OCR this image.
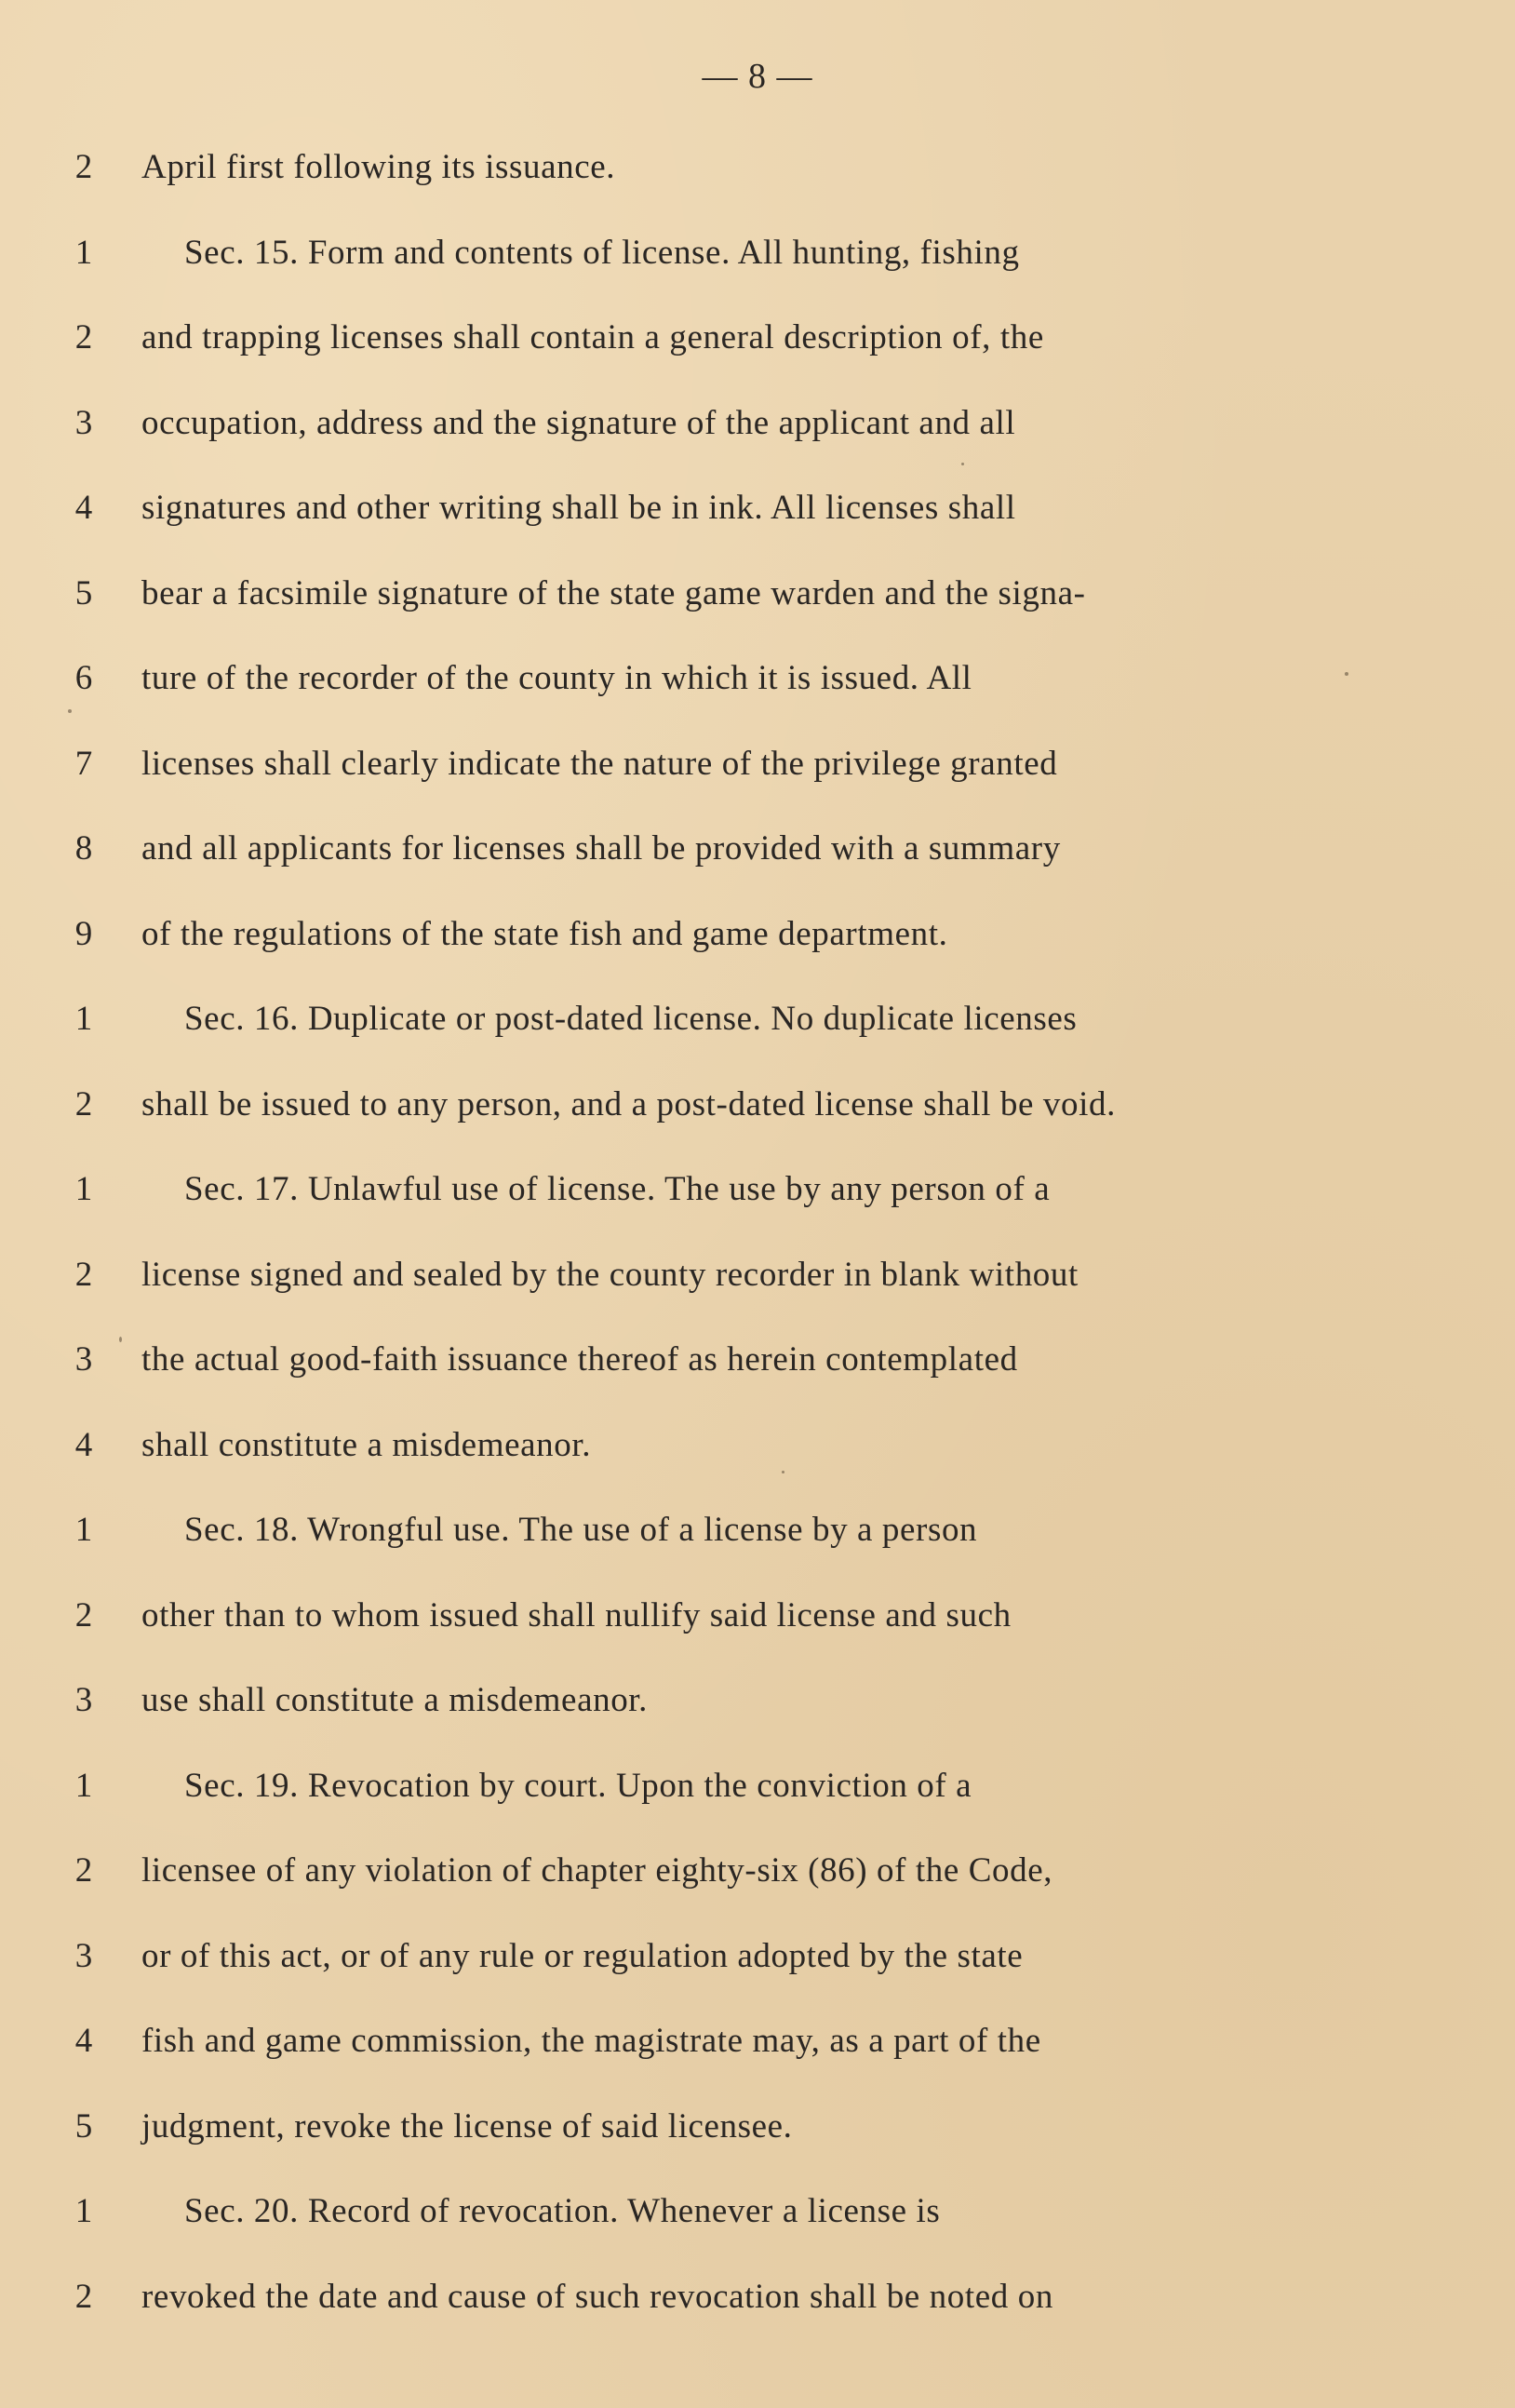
— 8 —
2	April first following its issuance.
1	Sec. 15. Form and contents of license. All hunting, fishing
2	and trapping licenses shall contain a general description of, the
3	occupation, address and the signature of the applicant and all
4	signatures and other writing shall be in ink. All licenses shall
5	bear a facsimile signature of the state game warden and the signa-
6	ture of the recorder of the county in which it is issued. All
7	licenses shall clearly indicate the nature of the privilege granted
8	and all applicants for licenses shall be provided with a summary
9	of the regulations of the state fish and game department.
1	Sec. 16. Duplicate or post-dated license. No duplicate licenses
2	shall be issued to any person, and a post-dated license shall be void.
1	Sec. 17. Unlawful use of license. The use by any person of a
2	license signed and sealed by the county recorder in blank without
3	the actual good-faith issuance thereof as herein contemplated
4	shall constitute a misdemeanor.
1	Sec. 18. Wrongful use. The use of a license by a person
2	other than to whom issued shall nullify said license and such
3	use shall constitute a misdemeanor.
1	Sec. 19. Revocation by court. Upon the conviction of a
2	licensee of any violation of chapter eighty-six (86) of the Code,
3	or of this act, or of any rule or regulation adopted by the state
4	fish and game commission, the magistrate may, as a part of the
5	judgment, revoke the license of said licensee.
1	Sec. 20. Record of revocation. Whenever a license is
2	revoked the date and cause of such revocation shall be noted on
